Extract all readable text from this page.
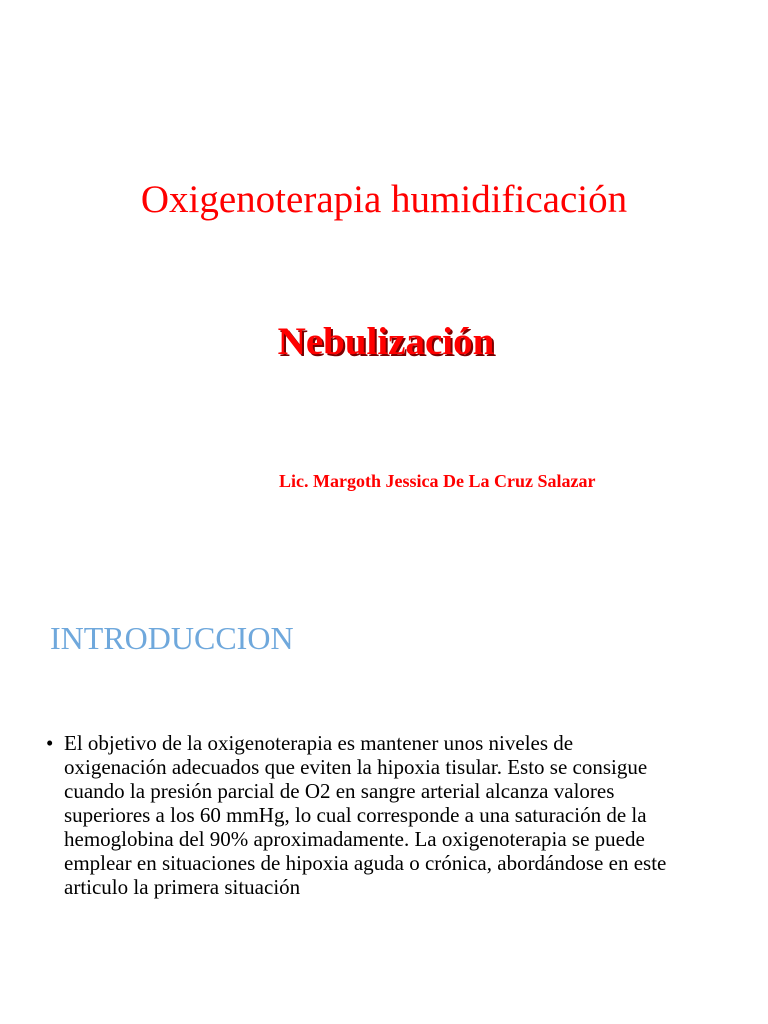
Oxigenoterapia humidificación
Nebulización
Lic. Margoth Jessica De La Cruz Salazar
INTRODUCCION
• El objetivo de la oxigenoterapia es mantener unos niveles de
oxigenación adecuados que eviten la hipoxia tisular. Esto se consigue
cuando la presión parcial de O2 en sangre arterial alcanza valores
superiores a los 60 mmHg, lo cual corresponde a una saturación de la
hemoglobina del 90% aproximadamente. La oxigenoterapia se puede
emplear en situaciones de hipoxia aguda o crónica, abordándose en este
articulo la primera situación
